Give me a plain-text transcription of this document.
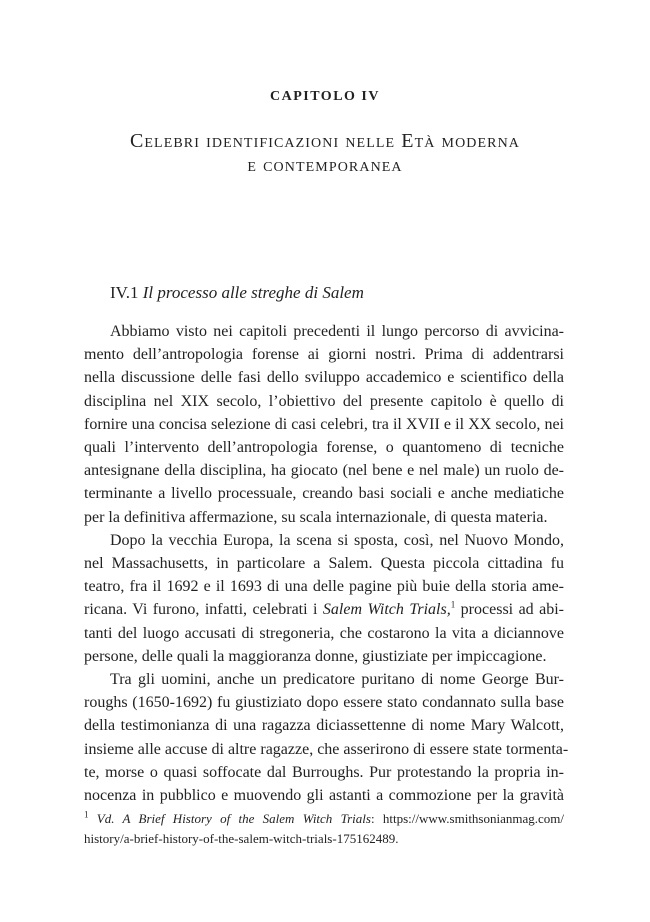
CAPITOLO IV
Celebri identificazioni nelle Età moderna
e contemporanea
IV.1 Il processo alle streghe di Salem
Abbiamo visto nei capitoli precedenti il lungo percorso di avvicina-
mento dell’antropologia forense ai giorni nostri. Prima di addentrarsi
nella discussione delle fasi dello sviluppo accademico e scientifico della
disciplina nel XIX secolo, l’obiettivo del presente capitolo è quello di
fornire una concisa selezione di casi celebri, tra il XVII e il XX secolo, nei
quali l’intervento dell’antropologia forense, o quantomeno di tecniche
antesignane della disciplina, ha giocato (nel bene e nel male) un ruolo de-
terminante a livello processuale, creando basi sociali e anche mediatiche
per la definitiva affermazione, su scala internazionale, di questa materia.
Dopo la vecchia Europa, la scena si sposta, così, nel Nuovo Mondo,
nel Massachusetts, in particolare a Salem. Questa piccola cittadina fu
teatro, fra il 1692 e il 1693 di una delle pagine più buie della storia ame-
ricana. Vi furono, infatti, celebrati i Salem Witch Trials,$^1$ processi ad abi-
tanti del luogo accusati di stregoneria, che costarono la vita a diciannove
persone, delle quali la maggioranza donne, giustiziate per impiccagione.
Tra gli uomini, anche un predicatore puritano di nome George Bur-
roughs (1650-1692) fu giustiziato dopo essere stato condannato sulla base
della testimonianza di una ragazza diciassettenne di nome Mary Walcott,
insieme alle accuse di altre ragazze, che asserirono di essere state tormenta-
te, morse o quasi soffocate dal Burroughs. Pur protestando la propria in-
nocenza in pubblico e muovendo gli astanti a commozione per la gravità
$^1$ Vd. A Brief History of the Salem Witch Trials: https://www.smithsonianmag.com/
history/a-brief-history-of-the-salem-witch-trials-175162489.
